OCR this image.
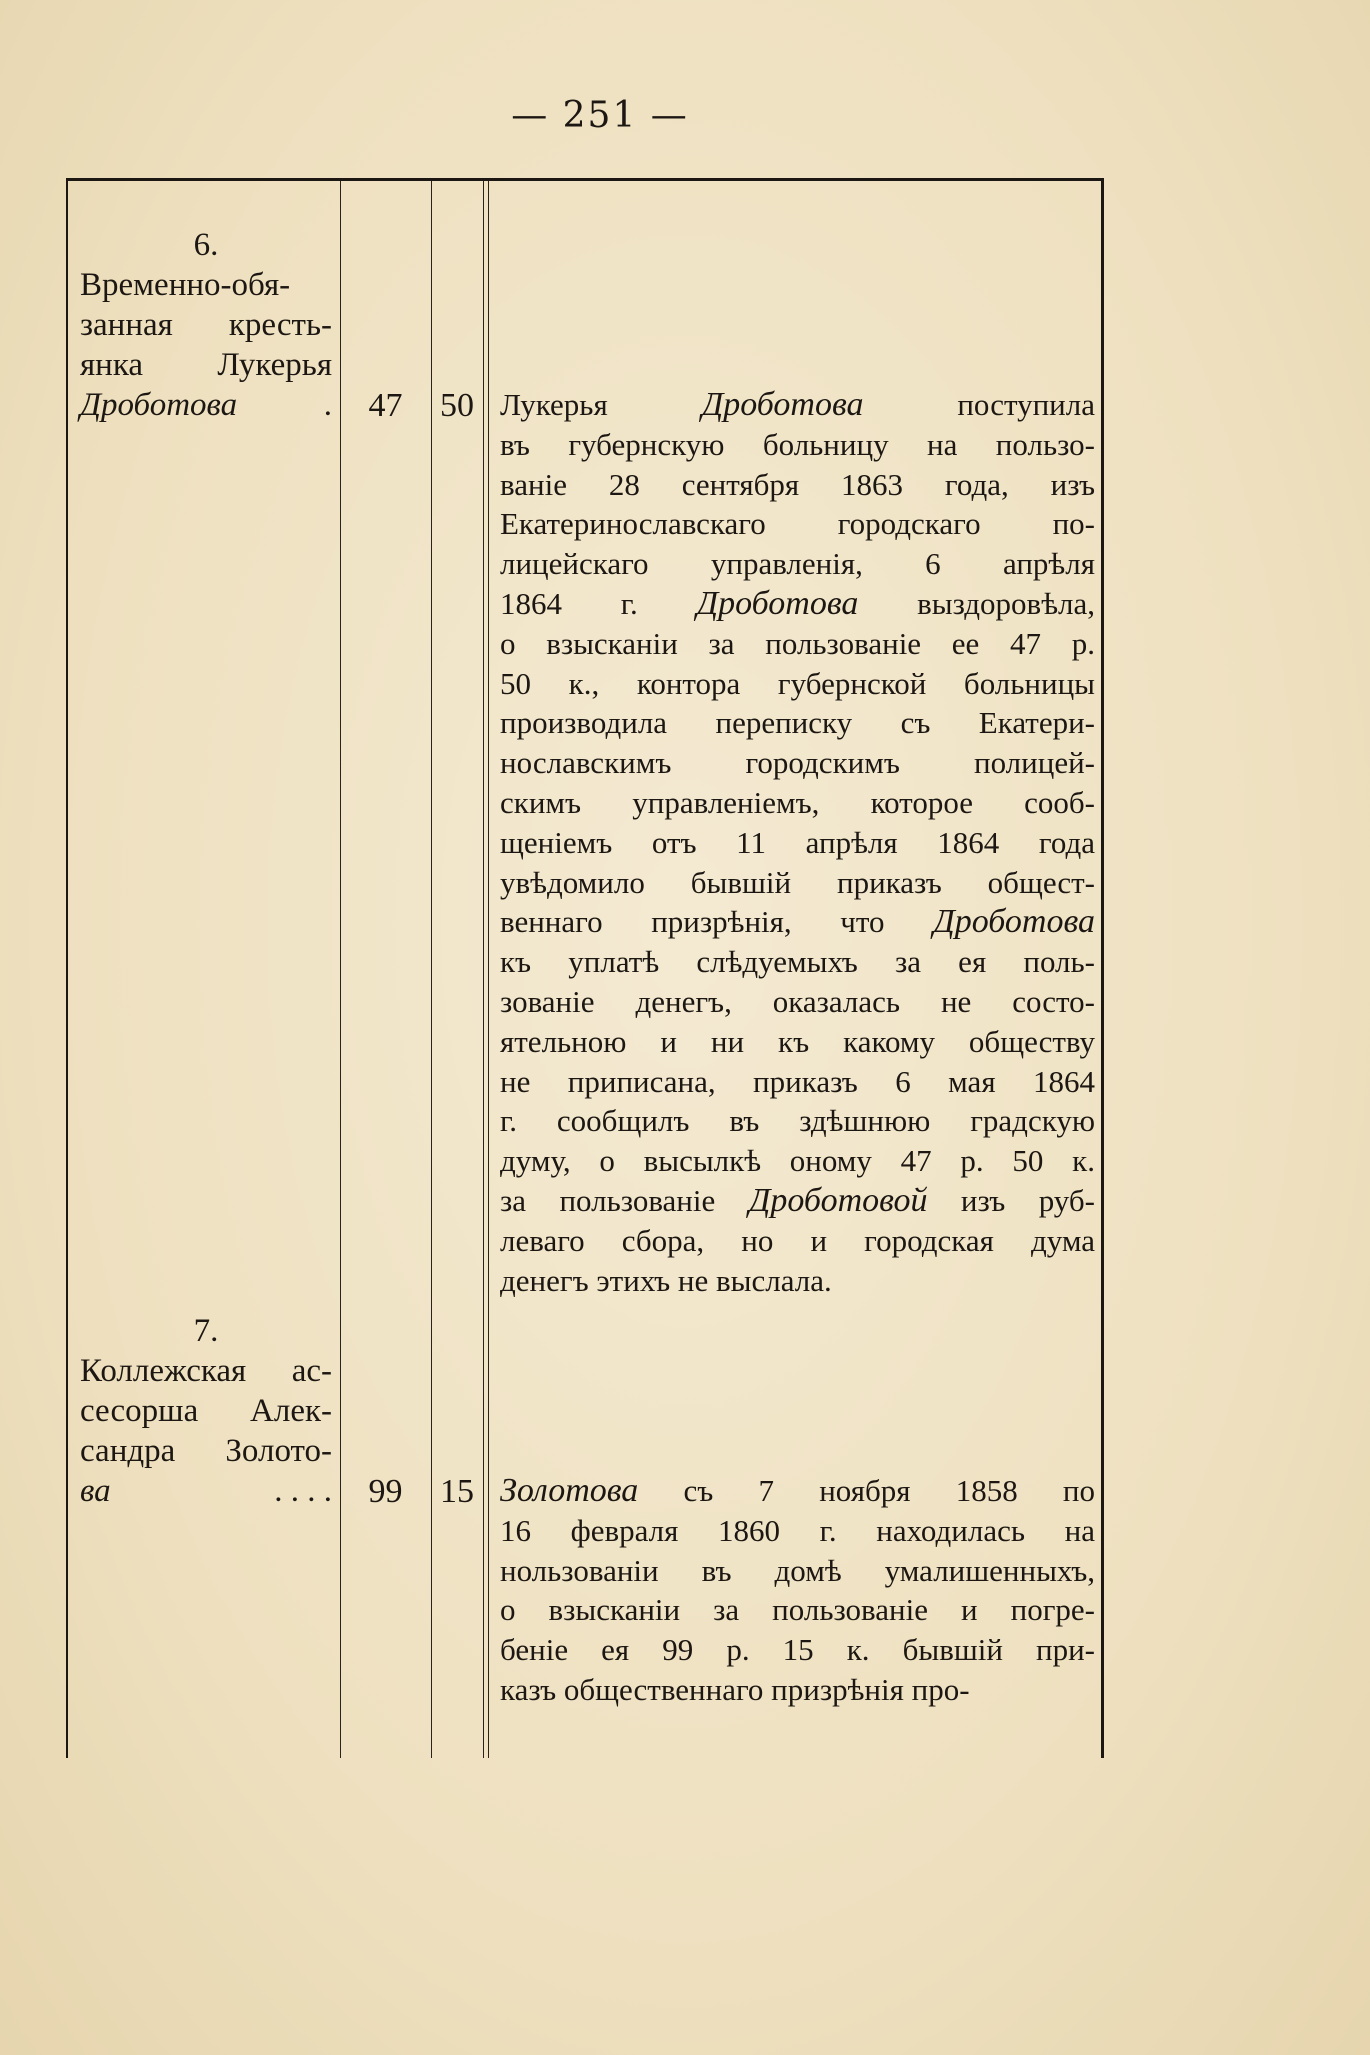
— 251 —
6.
Временно-обя-
занная кресть-
янка Лукерья
Дроботова	.	47	50 Лукерья Дроботова поступила
въ губернскую больницу на пользо-
ваніе 28 сентября 1863 года, изъ
Екатеринославскаго городскаго по-
лицейскаго управленія, 6 апрѣля
1864 г. Дроботова выздоровѣла,
о взысканіи за пользованіе ее 47 р.
50 к., контора губернской больницы
производила переписку съ Екатери-
нославскимъ городскимъ полицей-
скимъ управленіемъ, которое сооб-
щеніемъ отъ 11 апрѣля 1864 года
увѣдомило бывшій приказъ общест-
веннаго призрѣнія, что Дроботова
къ уплатѣ слѣдуемыхъ за ея поль-
зованіе денегъ, оказалась не состо-
ятельною и ни къ какому обществу
не приписана, приказъ 6 мая 1864
г. сообщилъ въ здѣшнюю градскую
думу, о высылкѣ оному 47 р. 50 к.
за пользованіе Дроботовой изъ руб-
леваго сбора, но и городская дума
денегъ этихъ не выслала.
7.
Коллежская ас-
сесорша Алек-
сандра Золото-
ва	. . . .	99	15 Золотова съ 7 ноября 1858 по
16 февраля 1860 г. находилась на
нользованіи въ домѣ умалишенныхъ,
о взысканіи за пользованіе и погре-
беніе ея 99 р. 15 к. бывшій при-
казъ общественнаго призрѣнія про-
